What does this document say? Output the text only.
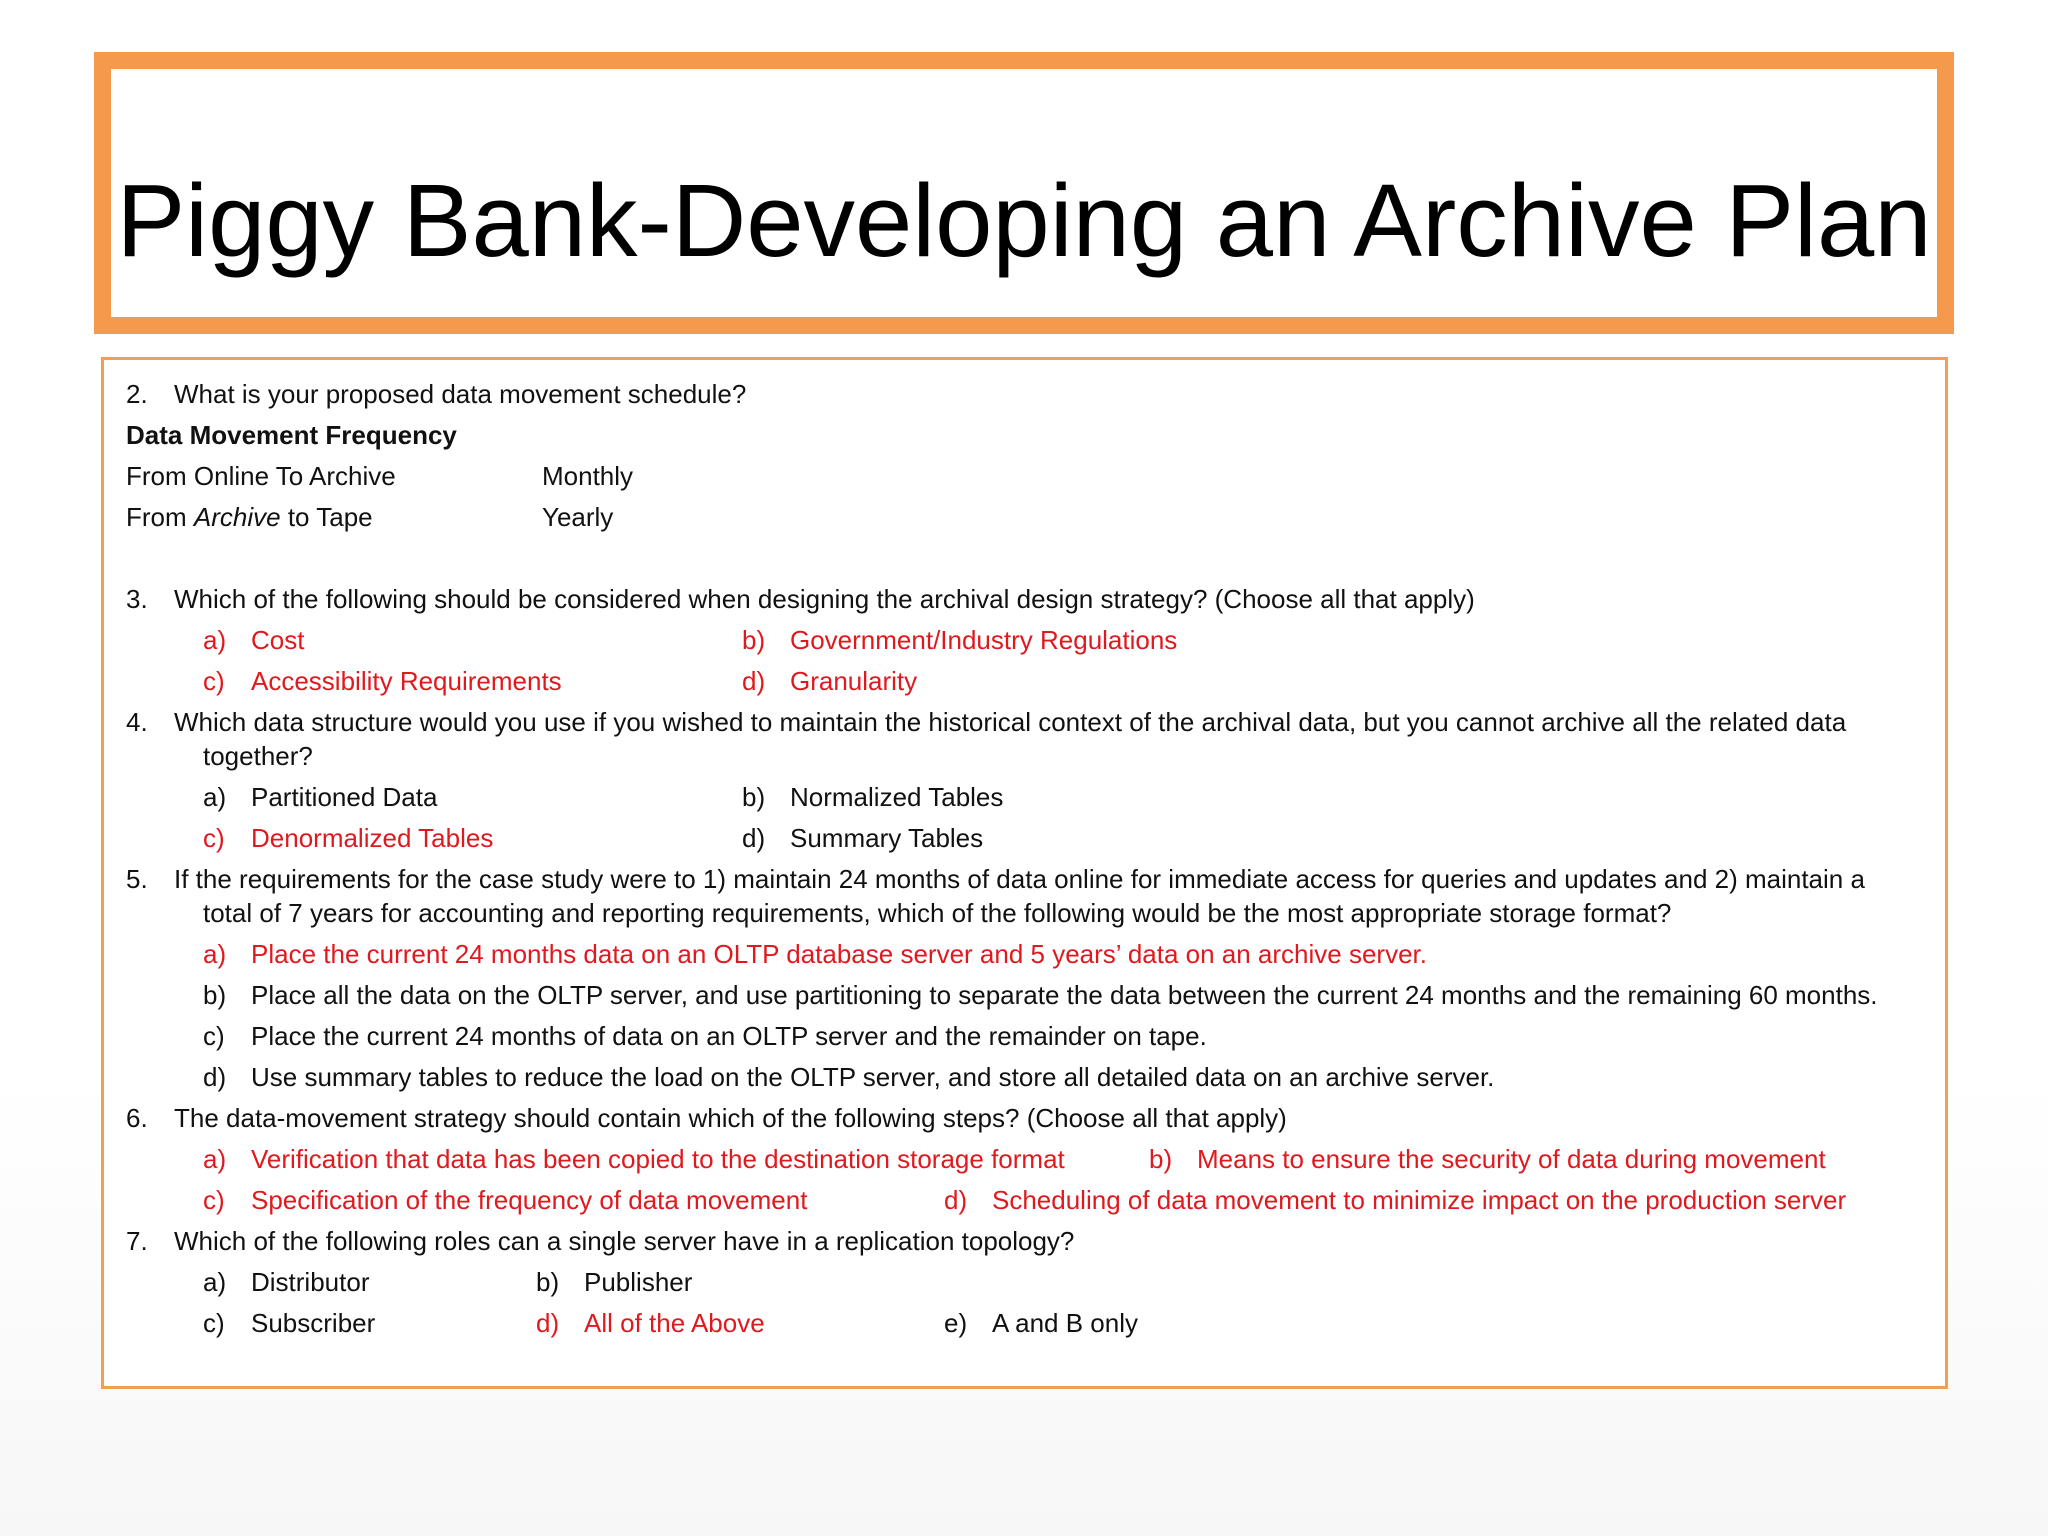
Piggy Bank-Developing an Archive Plan
2. What is your proposed data movement schedule?
Data Movement Frequency
From Online To Archive	Monthly
From Archive to Tape	Yearly
3. Which of the following should be considered when designing the archival design strategy? (Choose all that apply)
a) Cost	b) Government/Industry Regulations
c) Accessibility Requirements	d) Granularity
4. Which data structure would you use if you wished to maintain the historical context of the archival data, but you cannot archive all the related data
together?
a) Partitioned Data	b) Normalized Tables
c) Denormalized Tables	d) Summary Tables
5. If the requirements for the case study were to 1) maintain 24 months of data online for immediate access for queries and updates and 2) maintain a
total of 7 years for accounting and reporting requirements, which of the following would be the most appropriate storage format?
a) Place the current 24 months data on an OLTP database server and 5 years’ data on an archive server.
b) Place all the data on the OLTP server, and use partitioning to separate the data between the current 24 months and the remaining 60 months.
c) Place the current 24 months of data on an OLTP server and the remainder on tape.
d) Use summary tables to reduce the load on the OLTP server, and store all detailed data on an archive server.
6. The data-movement strategy should contain which of the following steps? (Choose all that apply)
a) Verification that data has been copied to the destination storage format	b) Means to ensure the security of data during movement
c) Specification of the frequency of data movement	d) Scheduling of data movement to minimize impact on the production server
7. Which of the following roles can a single server have in a replication topology?
a) Distributor	b) Publisher
c) Subscriber	d) All of the Above	e) A and B only
